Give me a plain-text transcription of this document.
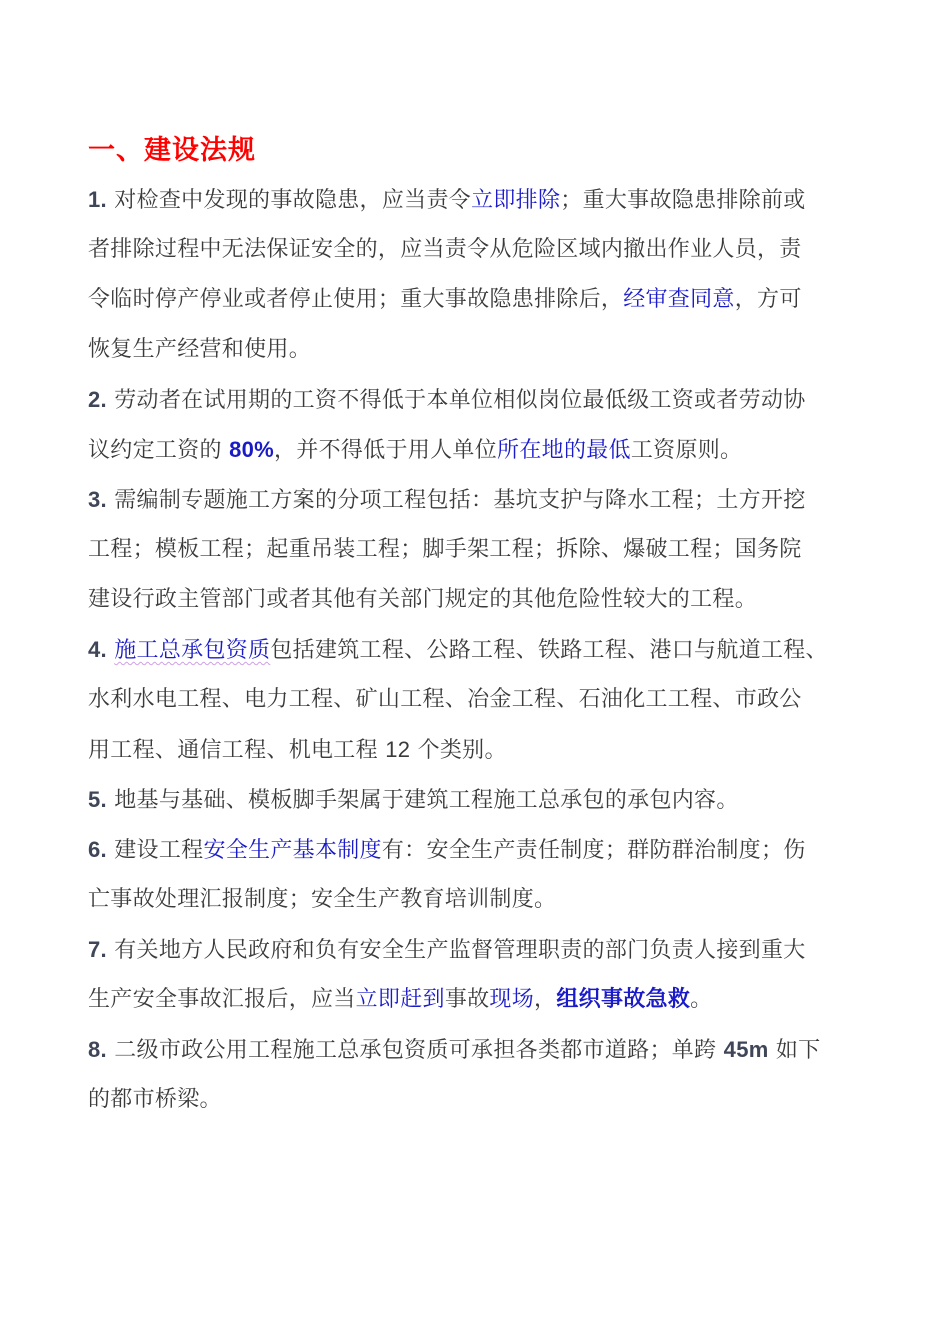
一、建设法规
1. 对检查中发现的事故隐患，应当责令立即排除；重大事故隐患排除前或
者排除过程中无法保证安全的，应当责令从危险区域内撤出作业人员，责
令临时停产停业或者停止使用；重大事故隐患排除后，经审查同意，方可
恢复生产经营和使用。
2. 劳动者在试用期的工资不得低于本单位相似岗位最低级工资或者劳动协
议约定工资的 80%，并不得低于用人单位所在地的最低工资原则。
3. 需编制专题施工方案的分项工程包括：基坑支护与降水工程；土方开挖
工程；模板工程；起重吊装工程；脚手架工程；拆除、爆破工程；国务院
建设行政主管部门或者其他有关部门规定的其他危险性较大的工程。
4. 施工总承包资质包括建筑工程、公路工程、铁路工程、港口与航道工程、
水利水电工程、电力工程、矿山工程、冶金工程、石油化工工程、市政公
用工程、通信工程、机电工程 12 个类别。
5. 地基与基础、模板脚手架属于建筑工程施工总承包的承包内容。
6. 建设工程安全生产基本制度有：安全生产责任制度；群防群治制度；伤
亡事故处理汇报制度；安全生产教育培训制度。
7. 有关地方人民政府和负有安全生产监督管理职责的部门负责人接到重大
生产安全事故汇报后，应当立即赶到事故现场，组织事故急救。
8. 二级市政公用工程施工总承包资质可承担各类都市道路；单跨 45m 如下
的都市桥梁。
